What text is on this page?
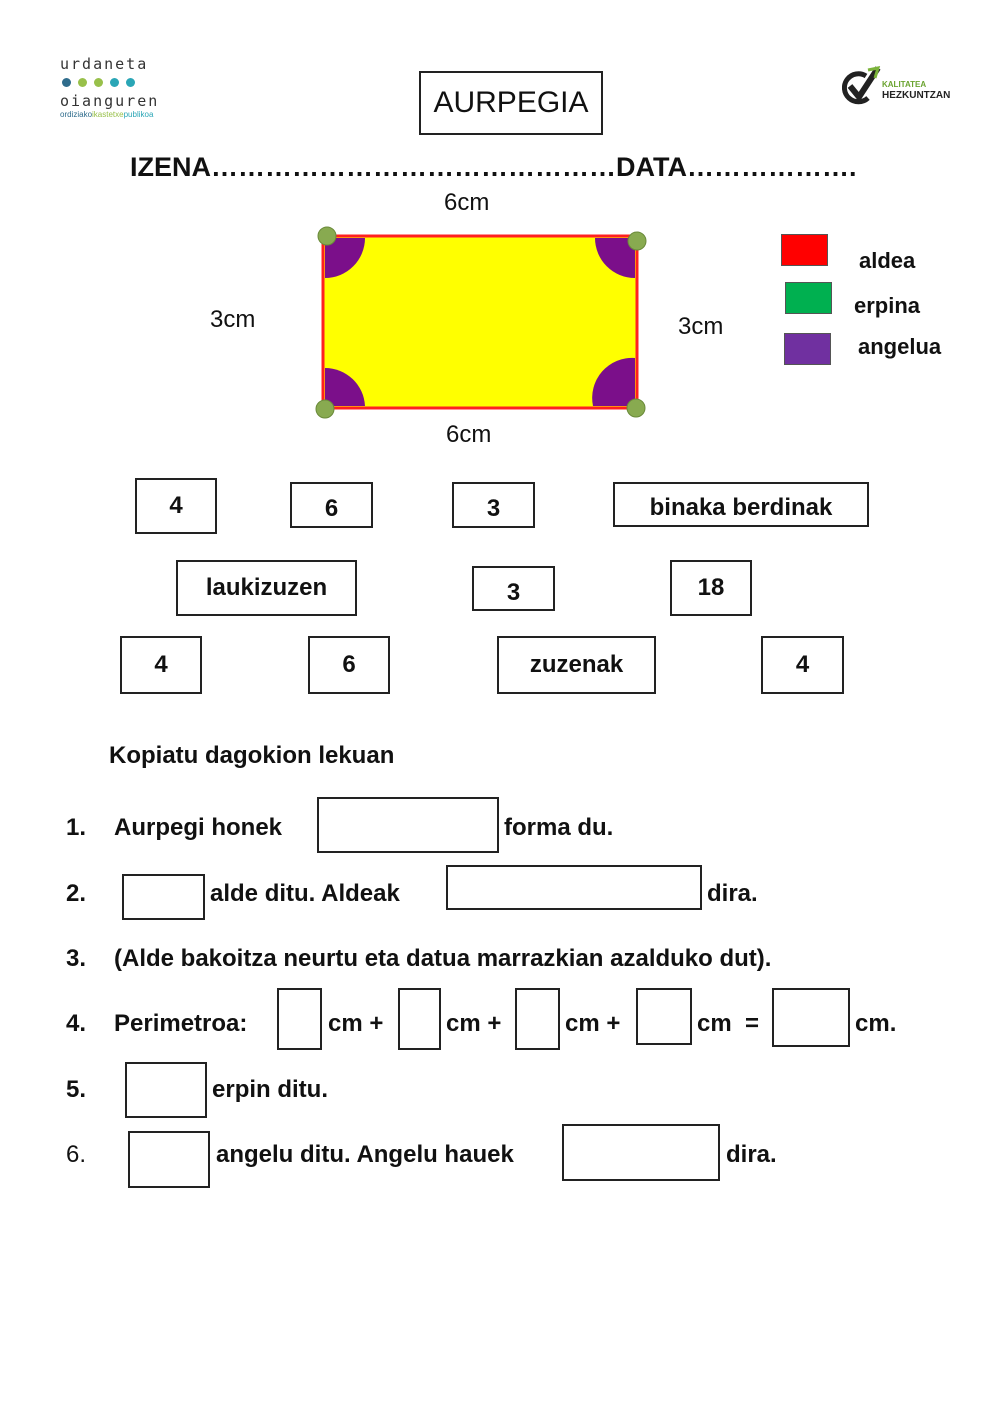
urdaneta
oianguren
ordiziakoikastetxepublikoa
KALITATEA
HEZKUNTZAN
AURPEGIA
IZENA………………………………………DATA……………….
6cm
3cm	3cm
6cm
aldea
erpina
angelua
4	6	3	binaka berdinak
laukizuzen	3	18
4	6	zuzenak	4
Kopiatu dagokion lekuan
1. Aurpegi honek	forma du.
2.	alde ditu. Aldeak	dira.
3. (Alde bakoitza neurtu eta datua marrazkian azalduko dut).
4. Perimetroa:	cm +	cm +	cm +	cm  =	cm.
5.	erpin ditu.
6.	angelu ditu. Angelu hauek	dira.
